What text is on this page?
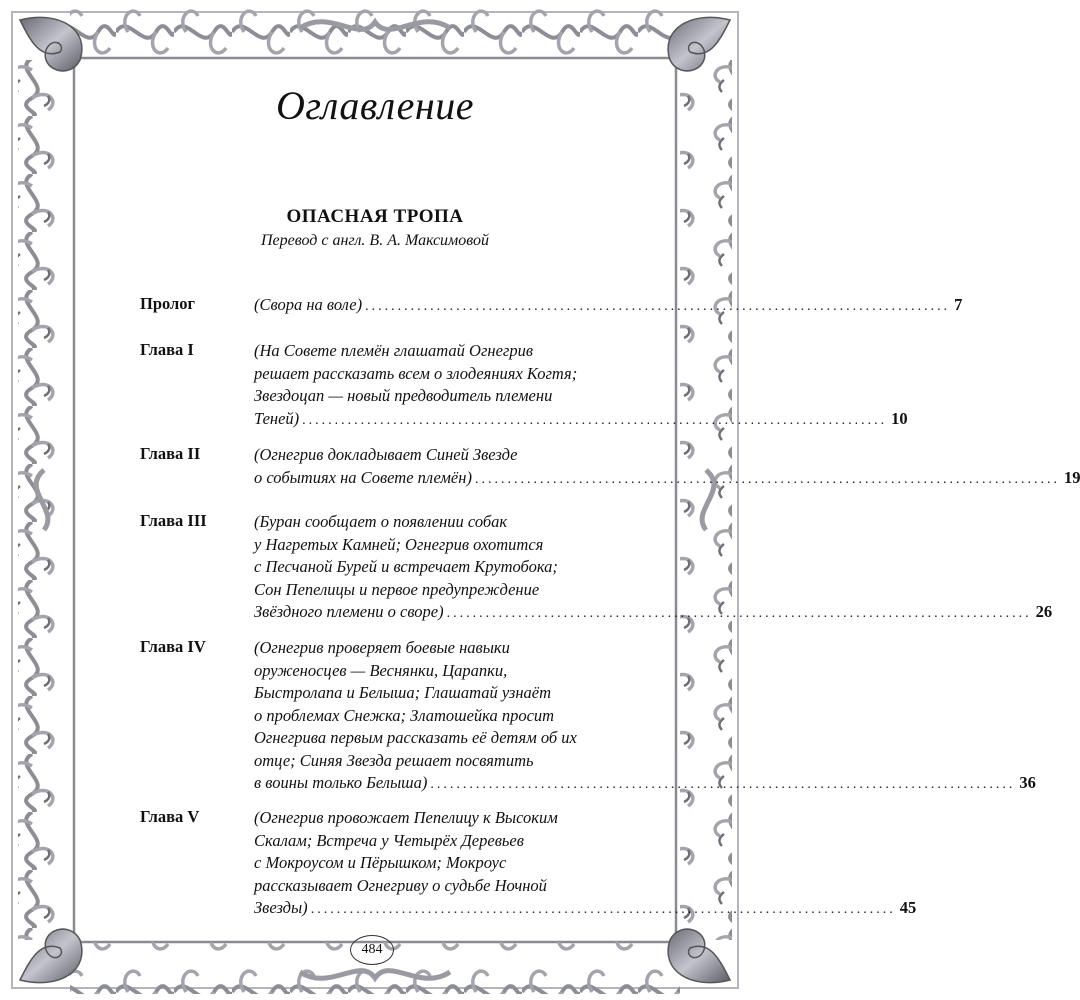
Оглавление
ОПАСНАЯ ТРОПА
Перевод с англ. В. А. Максимовой
Пролог	(Свора на воле) .......................................................................................... 7
Глава I	(На Совете племён глашатай Огнегрив
решает рассказать всем о злодеяниях Когтя;
Звездоцап — новый предводитель племени
Теней) .......................................................................................... 10
Глава II	(Огнегрив докладывает Синей Звезде
о событиях на Совете племён) .......................................................................................... 19
Глава III	(Буран сообщает о появлении собак
у Нагретых Камней; Огнегрив охотится
с Песчаной Бурей и встречает Крутобока;
Сон Пепелицы и первое предупреждение
Звёздного племени о своре) .......................................................................................... 26
Глава IV	(Огнегрив проверяет боевые навыки
оруженосцев — Веснянки, Царапки,
Быстролапа и Белыша; Глашатай узнаёт
о проблемах Снежка; Златошейка просит
Огнегрива первым рассказать её детям об их
отце; Синяя Звезда решает посвятить
в воины только Белыша) .......................................................................................... 36
Глава V	(Огнегрив провожает Пепелицу к Высоким
Скалам; Встреча у Четырёх Деревьев
с Мокроусом и Пёрышком; Мокроус
рассказывает Огнегриву о судьбе Ночной
Звезды) .......................................................................................... 45
484
